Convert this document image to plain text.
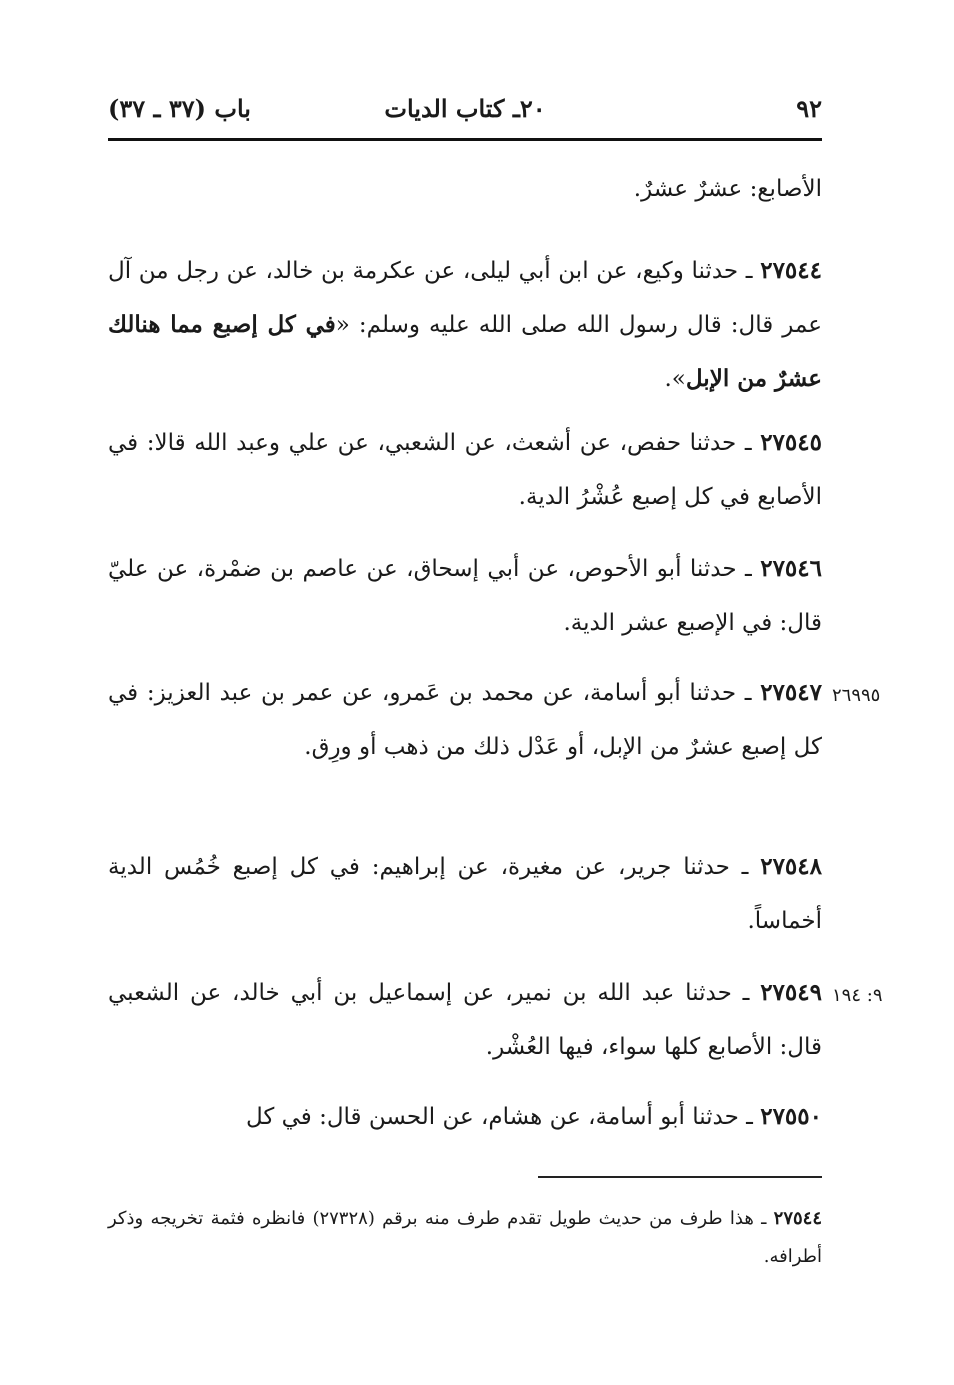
٩٢
٢٠ـ كتاب الديات
باب (٣٧ ـ ٣٧)
الأصابع: عشرٌ عشرٌ.
٢٧٥٤٤ ـ حدثنا وكيع، عن ابن أبي ليلى، عن عكرمة بن خالد، عن رجل من آل عمر قال: قال رسول الله صلى الله عليه وسلم: «في كل إصبع مما هنالك عشرٌ من الإبل».
٢٧٥٤٥ ـ حدثنا حفص، عن أشعث، عن الشعبي، عن علي وعبد الله قالا: في الأصابع في كل إصبع عُشْرُ الدية.
٢٧٥٤٦ ـ حدثنا أبو الأحوص، عن أبي إسحاق، عن عاصم بن ضمْرة، عن عليّ قال: في الإصبع عشر الدية.
٢٦٩٩٥
٢٧٥٤٧ ـ حدثنا أبو أسامة، عن محمد بن عَمرو، عن عمر بن عبد العزيز: في كل إصبع عشرٌ من الإبل، أو عَدْل ذلك من ذهب أو ورِق.
٢٧٥٤٨ ـ حدثنا جرير، عن مغيرة، عن إبراهيم: في كل إصبع خُمُس الدية أخماساً.
٩: ١٩٤
٢٧٥٤٩ ـ حدثنا عبد الله بن نمير، عن إسماعيل بن أبي خالد، عن الشعبي قال: الأصابع كلها سواء، فيها العُشْر.
٢٧٥٥٠ ـ حدثنا أبو أسامة، عن هشام، عن الحسن قال: في كل
٢٧٥٤٤ ـ هذا طرف من حديث طويل تقدم طرف منه برقم (٢٧٣٢٨) فانظره فثمة تخريجه وذكر أطرافه.
